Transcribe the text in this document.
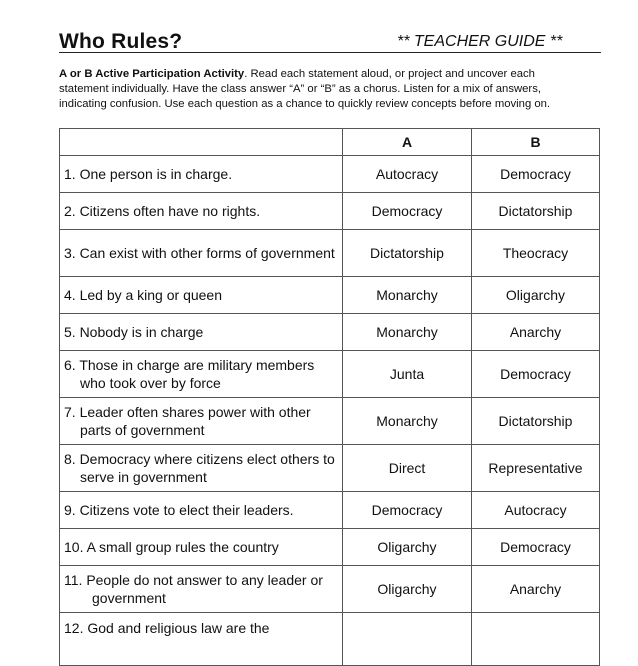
Who Rules?	** TEACHER GUIDE **
A or B Active Participation Activity. Read each statement aloud, or project and uncover each statement individually. Have the class answer “A” or “B” as a chorus. Listen for a mix of answers, indicating confusion. Use each question as a chance to quickly review concepts before moving on.
	A	B

1. One person is in charge.	Autocracy	Democracy

2. Citizens often have no rights.	Democracy	Dictatorship

3. Can exist with other forms of government	Dictatorship	Theocracy

4. Led by a king or queen	Monarchy	Oligarchy

5. Nobody is in charge	Monarchy	Anarchy

6. Those in charge are military members who took over by force	Junta	Democracy

7. Leader often shares power with other parts of government	Monarchy	Dictatorship

8. Democracy where citizens elect others to serve in government	Direct	Representative

9. Citizens vote to elect their leaders.	Democracy	Autocracy

10. A small group rules the country	Oligarchy	Democracy

11. People do not answer to any leader or government	Oligarchy	Anarchy

12. God and religious law are the		
